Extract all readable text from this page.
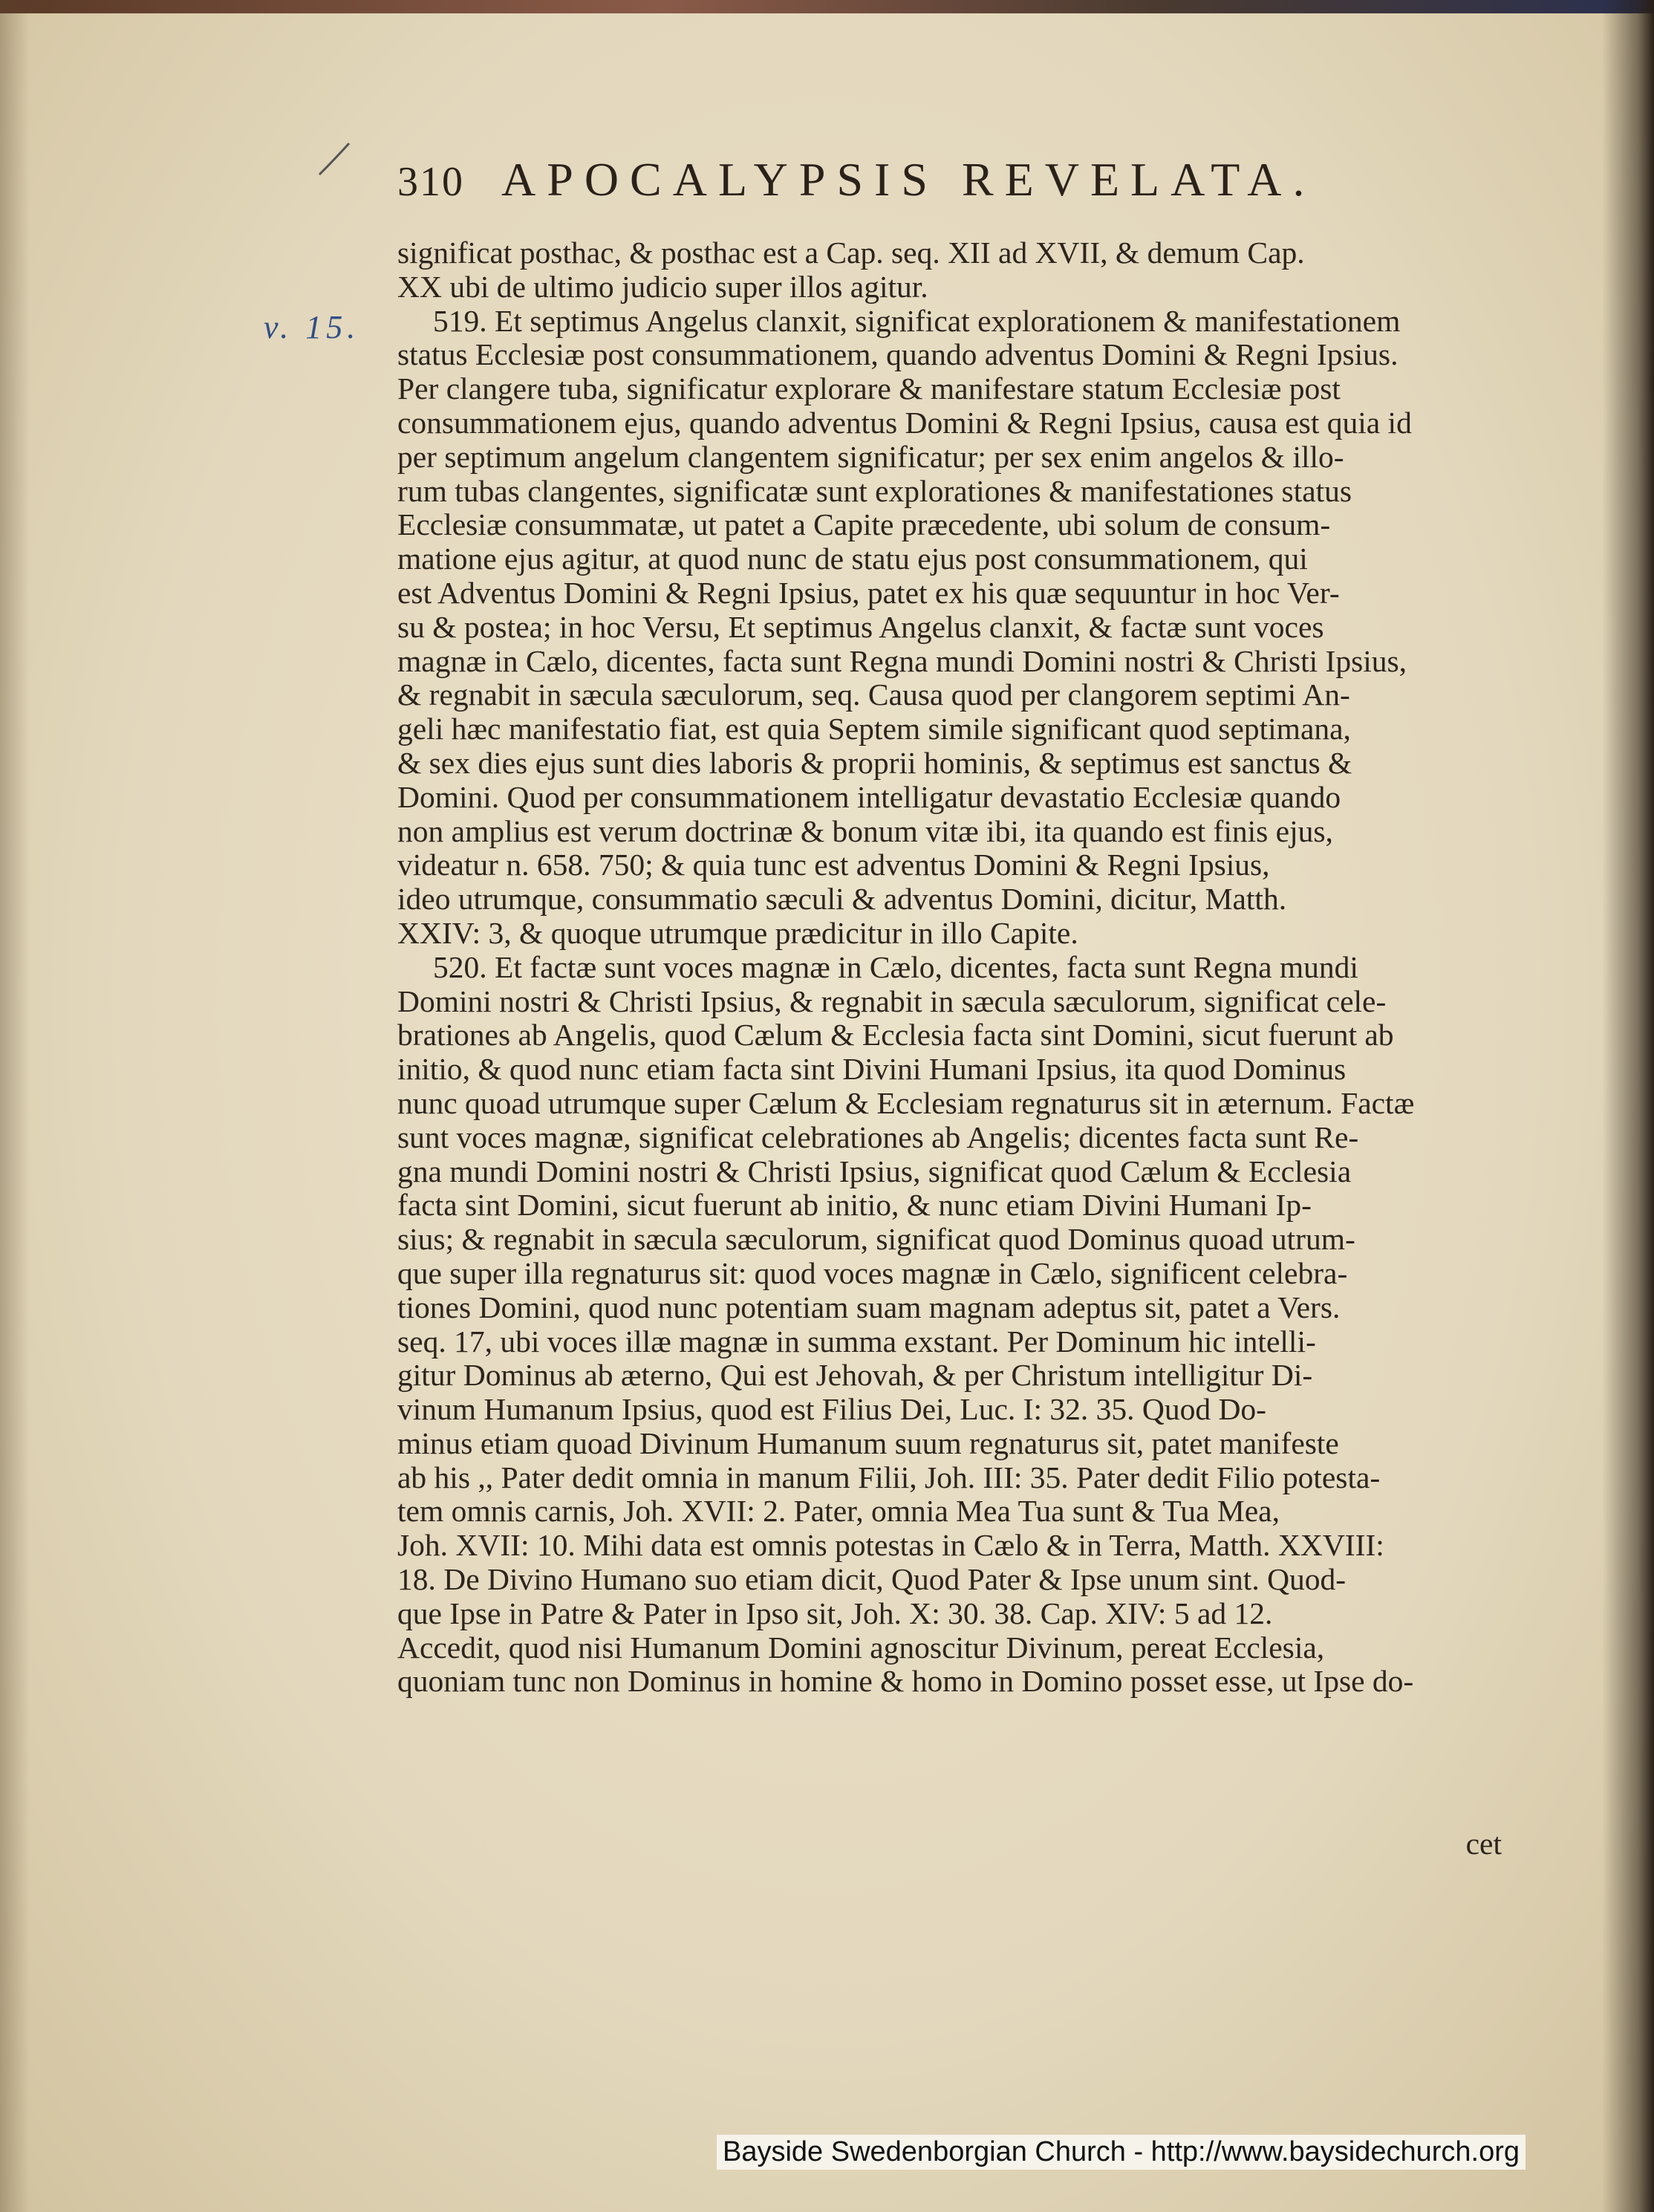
310 APOCALYPSIS REVELATA.
v. 15.
significat posthac, & posthac est a Cap. seq. XII ad XVII, & demum Cap.
XX ubi de ultimo judicio super illos agitur.
519. Et septimus Angelus clanxit, significat explorationem & manifestationem
status Ecclesiæ post consummationem, quando adventus Domini & Regni Ipsius.
Per clangere tuba, significatur explorare & manifestare statum Ecclesiæ post
consummationem ejus, quando adventus Domini & Regni Ipsius, causa est quia id
per septimum angelum clangentem significatur; per sex enim angelos & illo-
rum tubas clangentes, significatæ sunt explorationes & manifestationes status
Ecclesiæ consummatæ, ut patet a Capite præcedente, ubi solum de consum-
matione ejus agitur, at quod nunc de statu ejus post consummationem, qui
est Adventus Domini & Regni Ipsius, patet ex his quæ sequuntur in hoc Ver-
su & postea; in hoc Versu, Et septimus Angelus clanxit, & factæ sunt voces
magnæ in Cælo, dicentes, facta sunt Regna mundi Domini nostri & Christi Ipsius,
& regnabit in sæcula sæculorum, seq. Causa quod per clangorem septimi An-
geli hæc manifestatio fiat, est quia Septem simile significant quod septimana,
& sex dies ejus sunt dies laboris & proprii hominis, & septimus est sanctus &
Domini. Quod per consummationem intelligatur devastatio Ecclesiæ quando
non amplius est verum doctrinæ & bonum vitæ ibi, ita quando est finis ejus,
videatur n. 658. 750; & quia tunc est adventus Domini & Regni Ipsius,
ideo utrumque, consummatio sæculi & adventus Domini, dicitur, Matth.
XXIV: 3, & quoque utrumque prædicitur in illo Capite.
520. Et factæ sunt voces magnæ in Cælo, dicentes, facta sunt Regna mundi
Domini nostri & Christi Ipsius, & regnabit in sæcula sæculorum, significat cele-
brationes ab Angelis, quod Cælum & Ecclesia facta sint Domini, sicut fuerunt ab
initio, & quod nunc etiam facta sint Divini Humani Ipsius, ita quod Dominus
nunc quoad utrumque super Cælum & Ecclesiam regnaturus sit in æternum. Factæ
sunt voces magnæ, significat celebrationes ab Angelis; dicentes facta sunt Re-
gna mundi Domini nostri & Christi Ipsius, significat quod Cælum & Ecclesia
facta sint Domini, sicut fuerunt ab initio, & nunc etiam Divini Humani Ip-
sius; & regnabit in sæcula sæculorum, significat quod Dominus quoad utrum-
que super illa regnaturus sit: quod voces magnæ in Cælo, significent celebra-
tiones Domini, quod nunc potentiam suam magnam adeptus sit, patet a Vers.
seq. 17, ubi voces illæ magnæ in summa exstant. Per Dominum hic intelli-
gitur Dominus ab æterno, Qui est Jehovah, & per Christum intelligitur Di-
vinum Humanum Ipsius, quod est Filius Dei, Luc. I: 32. 35. Quod Do-
minus etiam quoad Divinum Humanum suum regnaturus sit, patet manifeste
ab his ,, Pater dedit omnia in manum Filii, Joh. III: 35. Pater dedit Filio potesta-
tem omnis carnis, Joh. XVII: 2. Pater, omnia Mea Tua sunt & Tua Mea,
Joh. XVII: 10. Mihi data est omnis potestas in Cælo & in Terra, Matth. XXVIII:
18. De Divino Humano suo etiam dicit, Quod Pater & Ipse unum sint. Quod-
que Ipse in Patre & Pater in Ipso sit, Joh. X: 30. 38. Cap. XIV: 5 ad 12.
Accedit, quod nisi Humanum Domini agnoscitur Divinum, pereat Ecclesia,
quoniam tunc non Dominus in homine & homo in Domino posset esse, ut Ipse do-
cet
Bayside Swedenborgian Church - http://www.baysidechurch.org
